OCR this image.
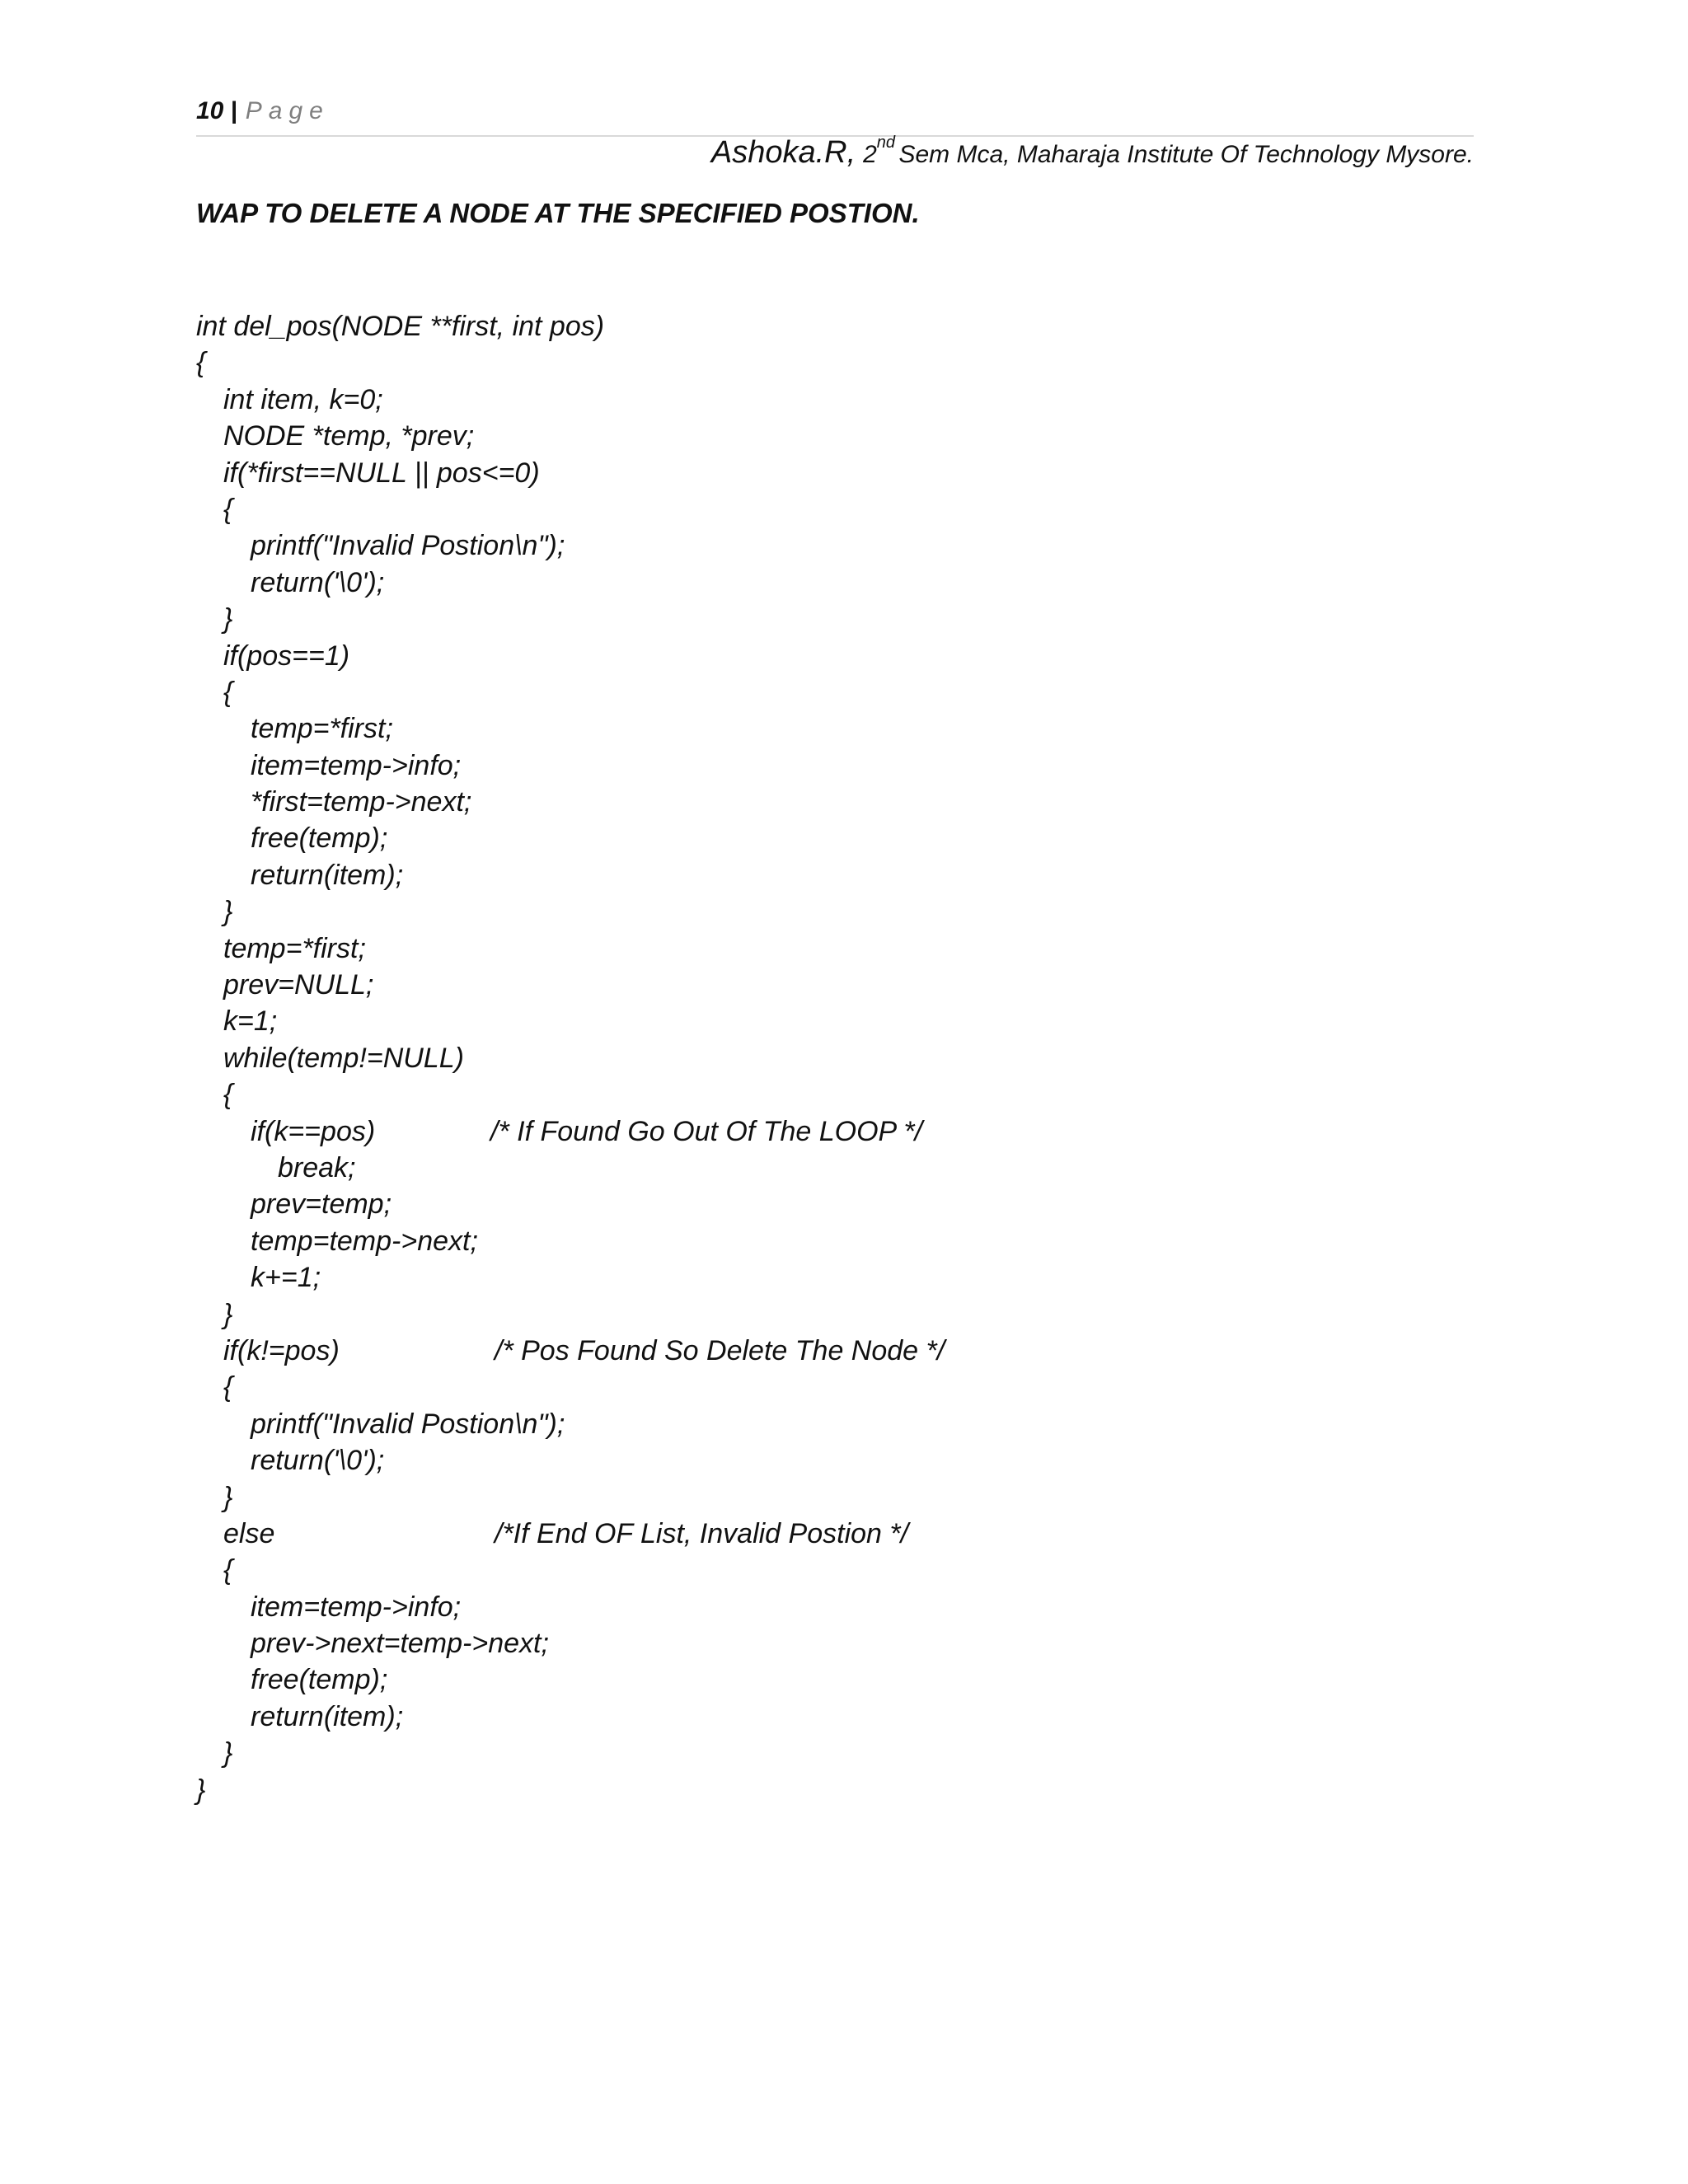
10 | Page
Ashoka.R, 2nd Sem Mca, Maharaja Institute Of Technology Mysore.
WAP TO DELETE A NODE AT THE SPECIFIED POSTION.
int del_pos(NODE **first, int pos)
{
int item, k=0;
NODE *temp, *prev;
if(*first==NULL || pos<=0)
{
printf("Invalid Postion\n");
return('\0');
}
if(pos==1)
{
temp=*first;
item=temp->info;
*first=temp->next;
free(temp);
return(item);
}
temp=*first;
prev=NULL;
k=1;
while(temp!=NULL)
{
if(k==pos)	/* If Found Go Out Of The LOOP */
break;
prev=temp;
temp=temp->next;
k+=1;
}
if(k!=pos)	/* Pos Found So Delete The Node */
{
printf("Invalid Postion\n");
return('\0');
}
else	/*If End OF List, Invalid Postion */
{
item=temp->info;
prev->next=temp->next;
free(temp);
return(item);
}
}
